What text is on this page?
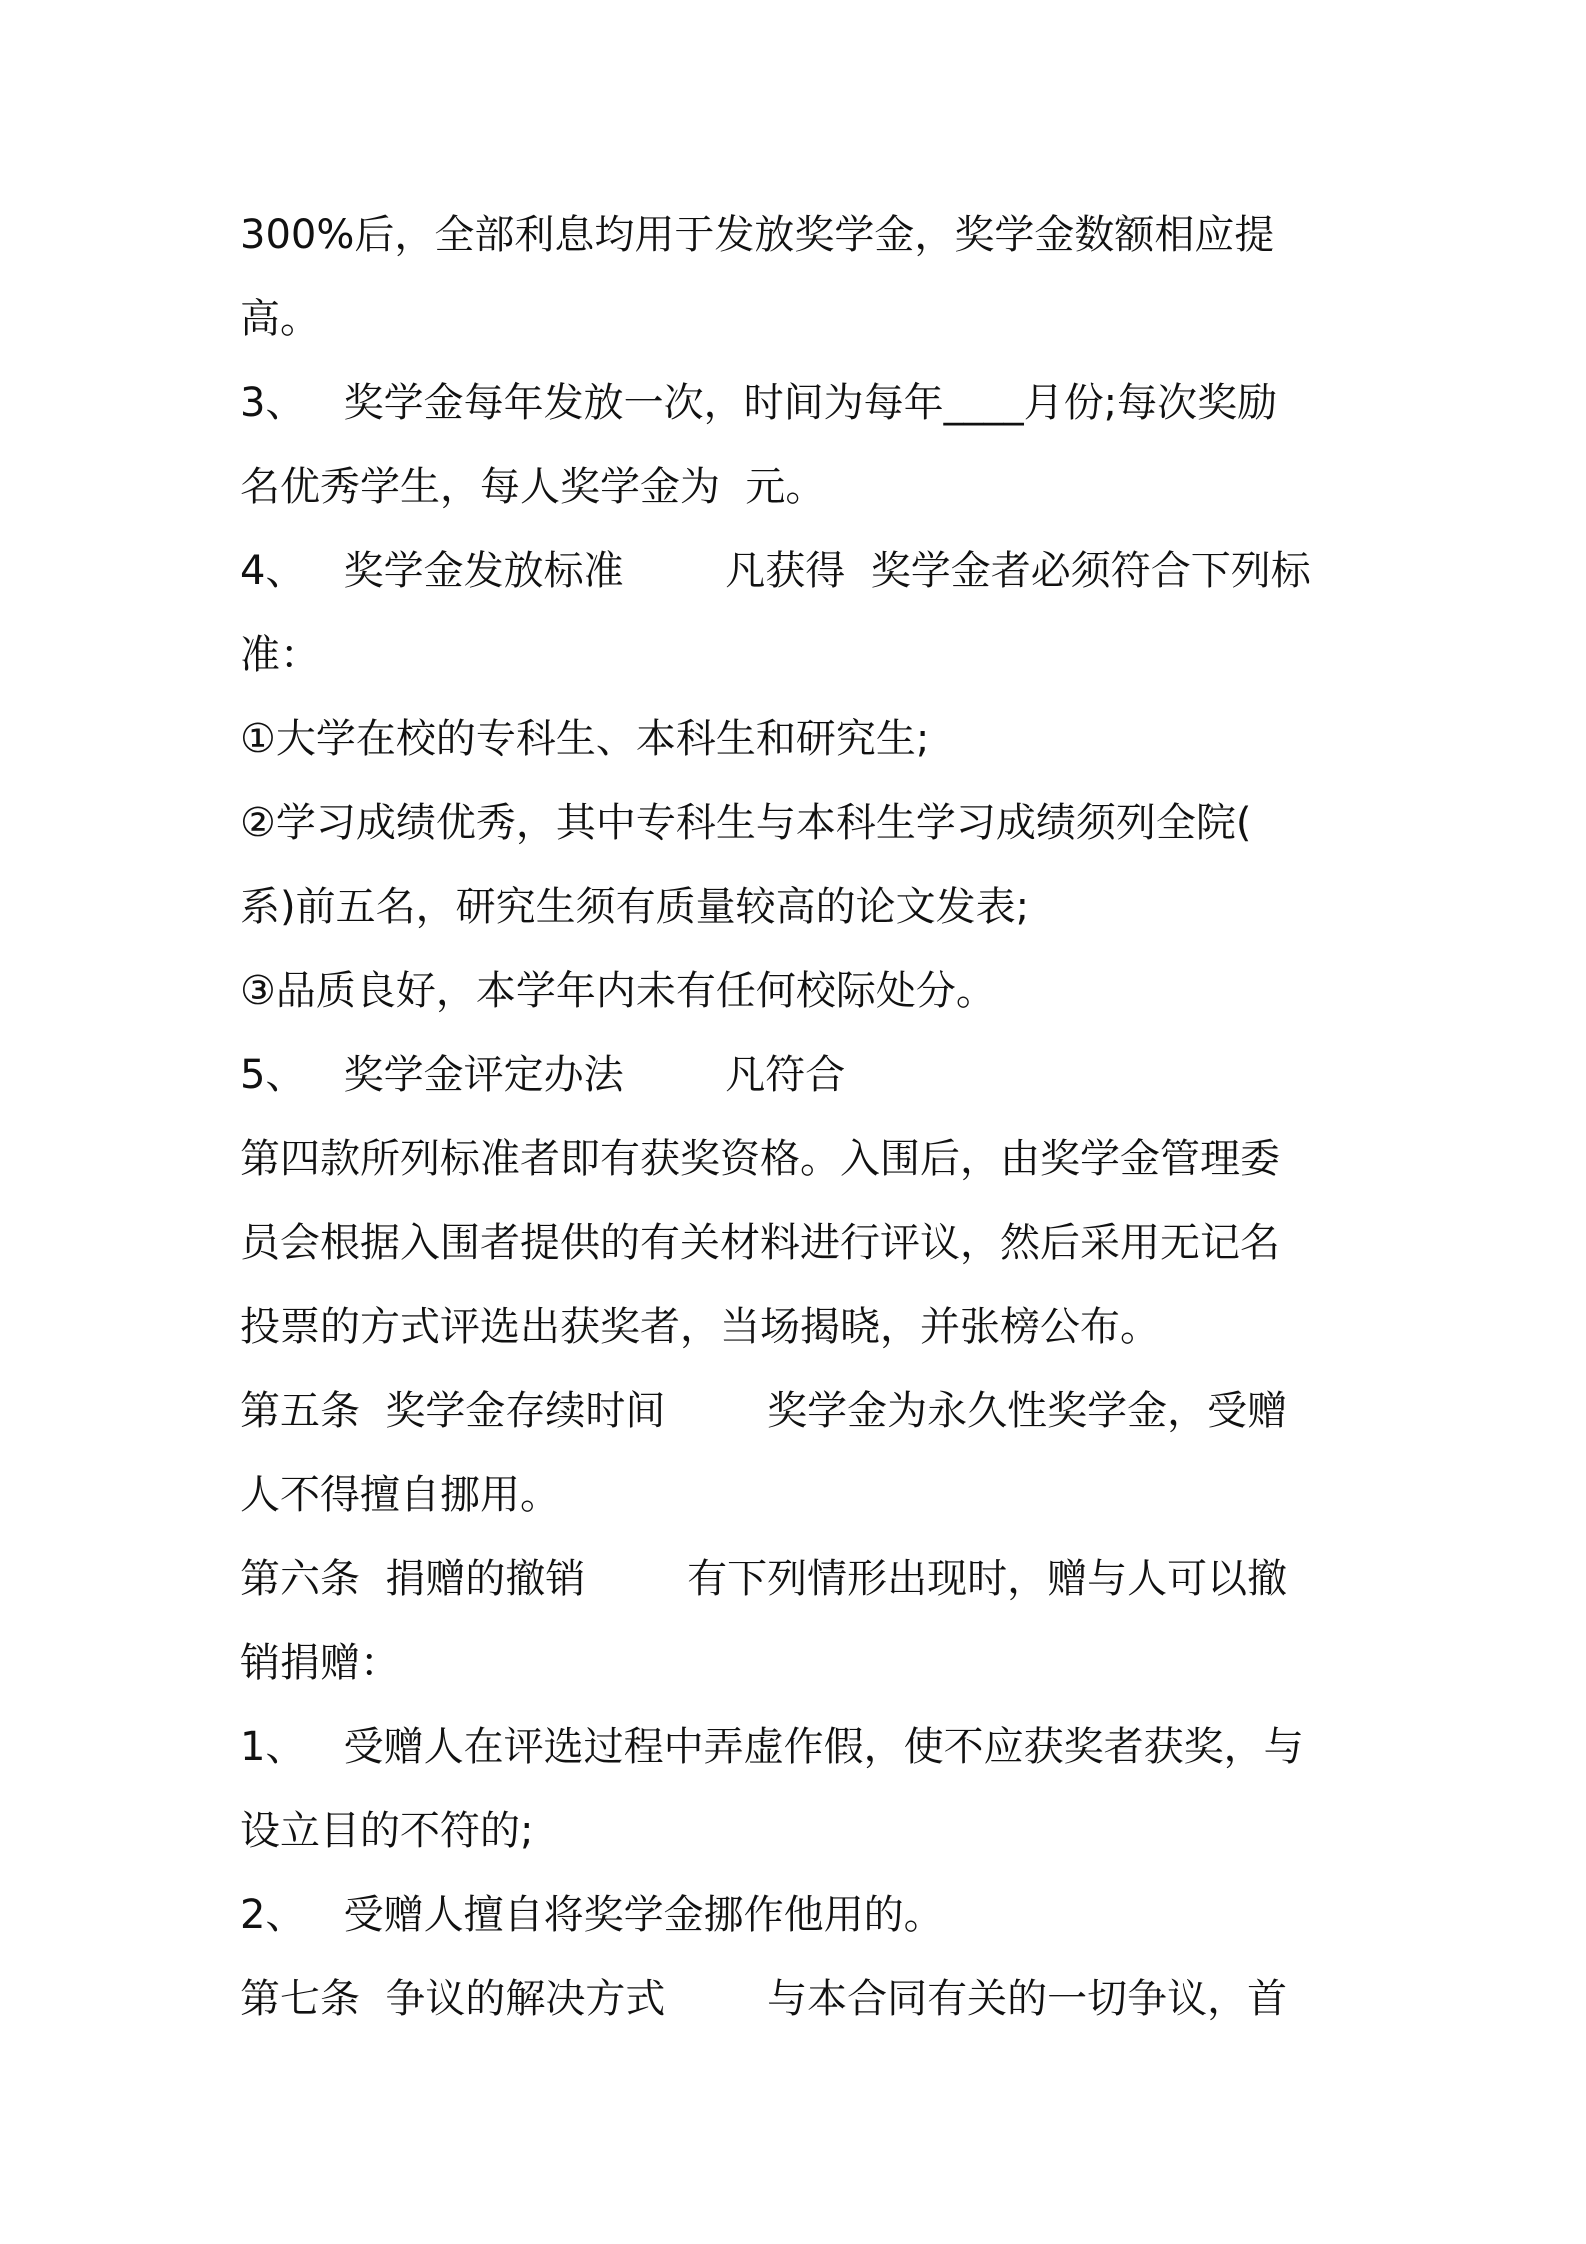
300%后，全部利息均用于发放奖学金，奖学金数额相应提
高。
3、   奖学金每年发放一次，时间为每年____月份;每次奖励
名优秀学生，每人奖学金为  元。
4、   奖学金发放标准        凡获得  奖学金者必须符合下列标
准：
①大学在校的专科生、本科生和研究生;
②学习成绩优秀，其中专科生与本科生学习成绩须列全院(
系)前五名，研究生须有质量较高的论文发表;
③品质良好，本学年内未有任何校际处分。
5、   奖学金评定办法        凡符合
第四款所列标准者即有获奖资格。入围后，由奖学金管理委
员会根据入围者提供的有关材料进行评议，然后采用无记名
投票的方式评选出获奖者，当场揭晓，并张榜公布。
第五条  奖学金存续时间        奖学金为永久性奖学金，受赠
人不得擅自挪用。
第六条  捐赠的撤销        有下列情形出现时，赠与人可以撤
销捐赠：
1、   受赠人在评选过程中弄虚作假，使不应获奖者获奖，与
设立目的不符的;
2、   受赠人擅自将奖学金挪作他用的。
第七条  争议的解决方式        与本合同有关的一切争议，首
